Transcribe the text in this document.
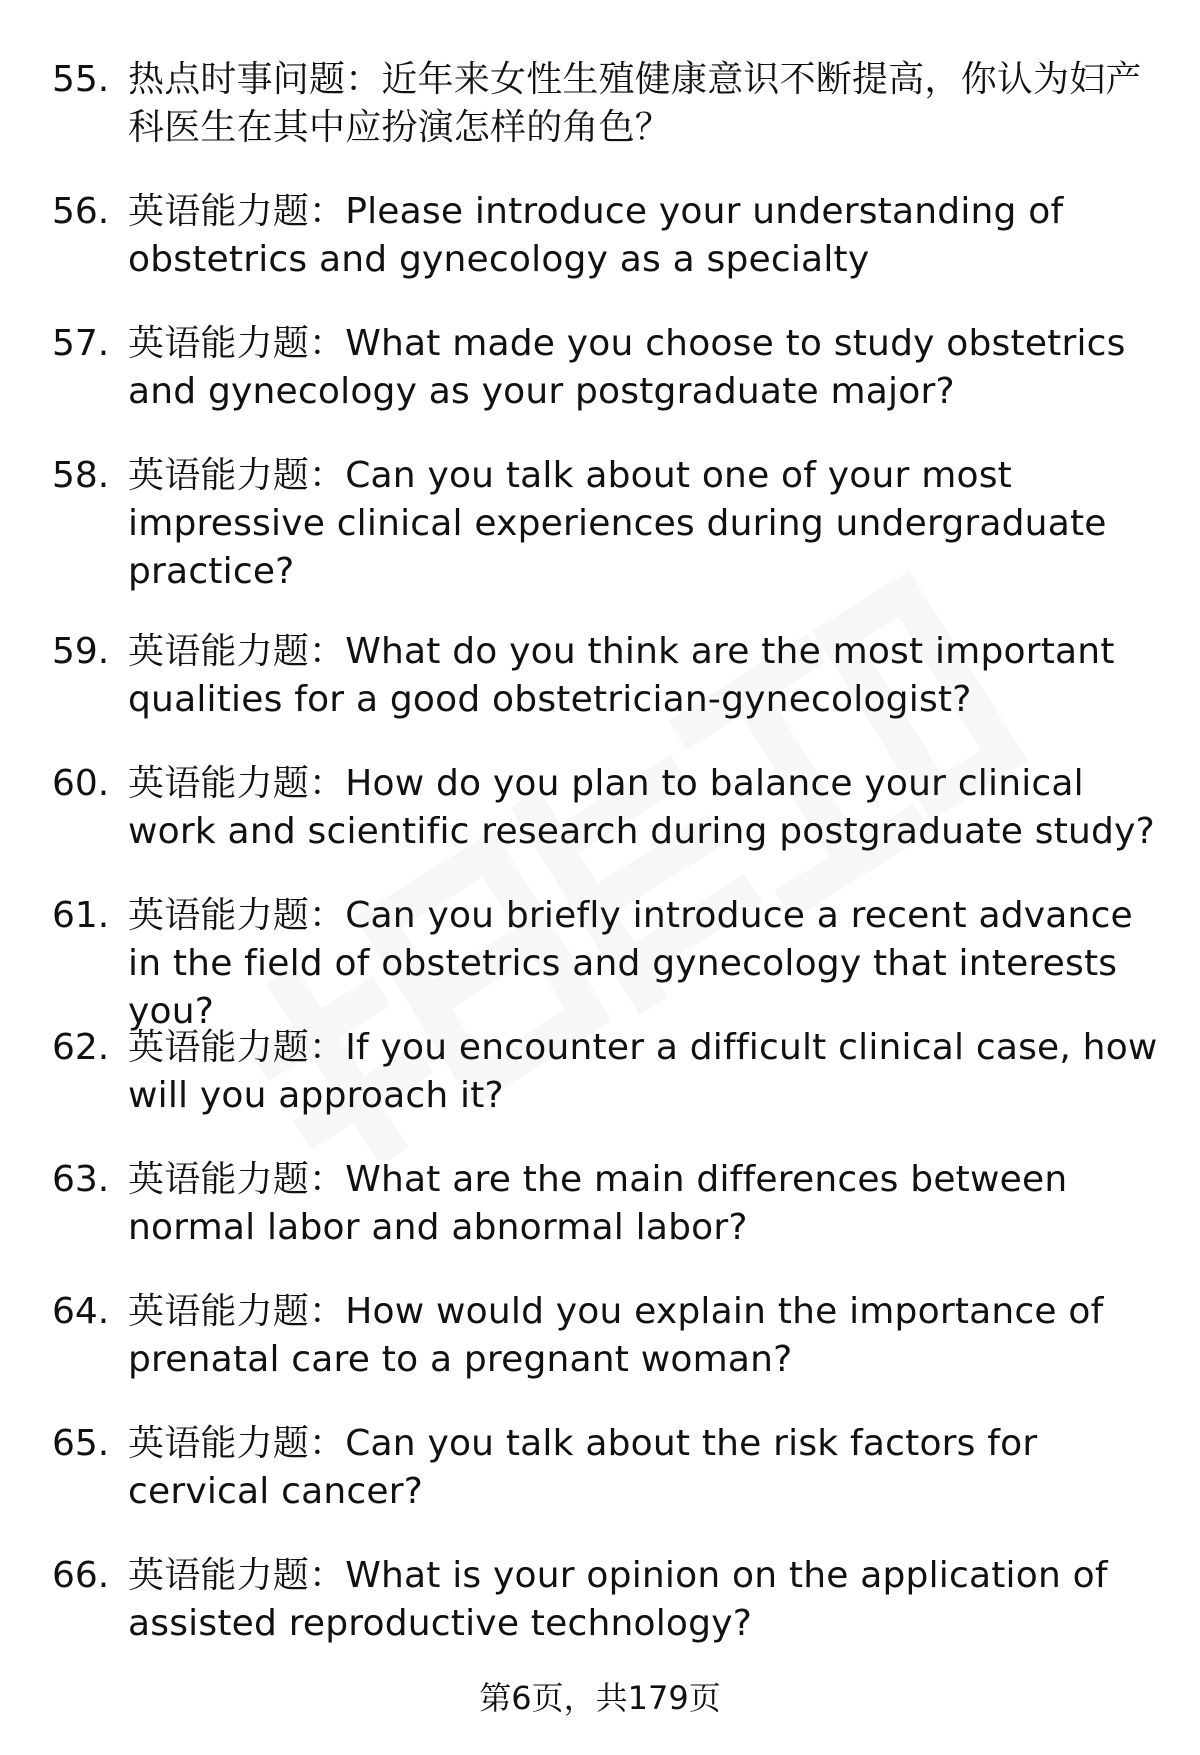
55. 热点时事问题：近年来女性生殖健康意识不断提高，你认为妇产科医生在其中应扮演怎样的角色？
56. 英语能力题：Please introduce your understanding of obstetrics and gynecology as a specialty
57. 英语能力题：What made you choose to study obstetrics and gynecology as your postgraduate major?
58. 英语能力题：Can you talk about one of your most impressive clinical experiences during undergraduate practice?
59. 英语能力题：What do you think are the most important qualities for a good obstetrician-gynecologist?
60. 英语能力题：How do you plan to balance your clinical work and scientific research during postgraduate study?
61. 英语能力题：Can you briefly introduce a recent advance in the field of obstetrics and gynecology that interests you?
62. 英语能力题：If you encounter a difficult clinical case, how will you approach it?
63. 英语能力题：What are the main differences between normal labor and abnormal labor?
64. 英语能力题：How would you explain the importance of prenatal care to a pregnant woman?
65. 英语能力题：Can you talk about the risk factors for cervical cancer?
66. 英语能力题：What is your opinion on the application of assisted reproductive technology?
第6页，共179页
